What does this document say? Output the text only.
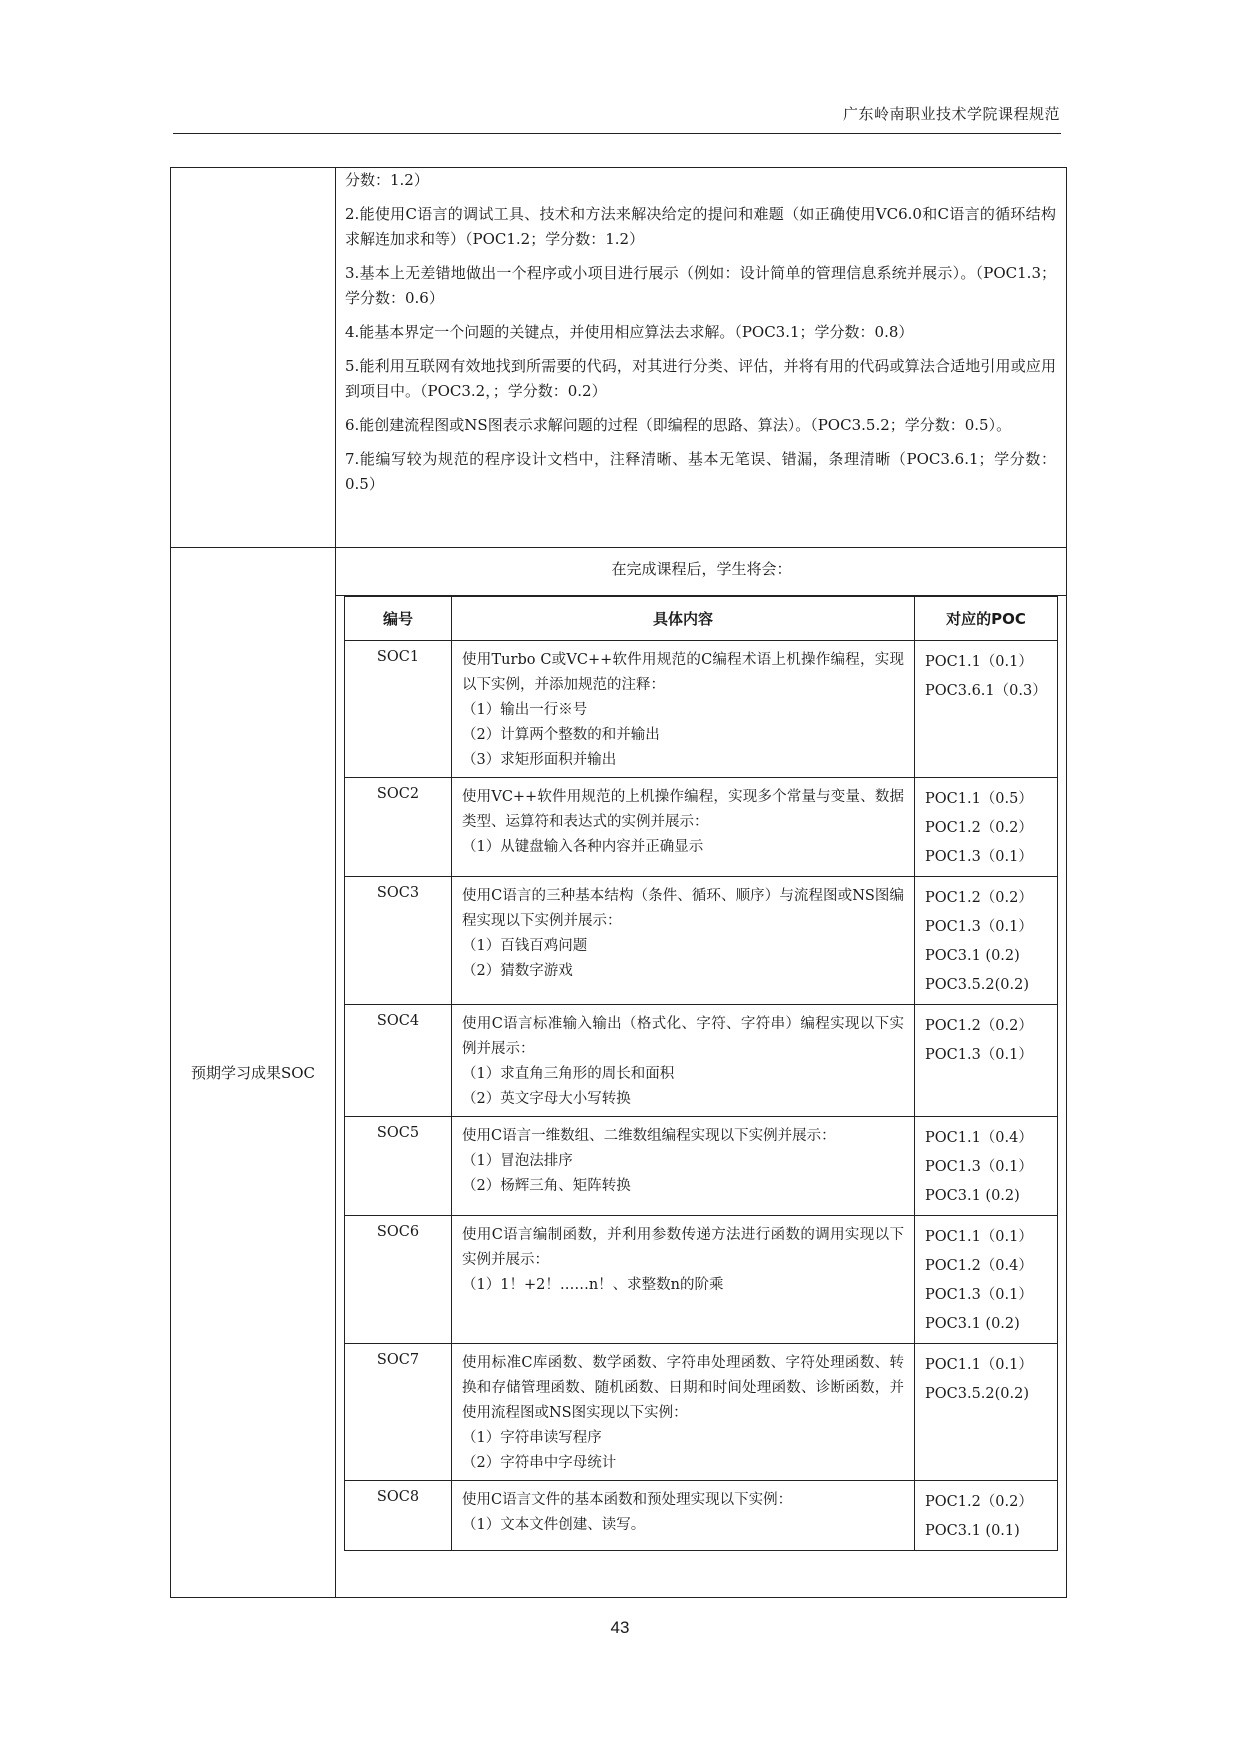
广东岭南职业技术学院课程规范

分数：1.2）

2.能使用C语言的调试工具、技术和方法来解决给定的提问和难题（如正确使用VC6.0和C语言的循环结构求解连加求和等）（POC1.2；学分数：1.2）

3.基本上无差错地做出一个程序或小项目进行展示（例如：设计简单的管理信息系统并展示）。（POC1.3；学分数：0.6）

4.能基本界定一个问题的关键点，并使用相应算法去求解。（POC3.1；学分数：0.8）

5.能利用互联网有效地找到所需要的代码，对其进行分类、评估，并将有用的代码或算法合适地引用或应用到项目中。（POC3.2，；学分数：0.2）

6.能创建流程图或NS图表示求解问题的过程（即编程的思路、算法）。（POC3.5.2；学分数：0.5）。

7.能编写较为规范的程序设计文档中，注释清晰、基本无笔误、错漏，条理清晰（POC3.6.1；学分数：0.5）

预期学习成果SOC
在完成课程后，学生将会：
编号	具体内容	对应的POC
SOC1	使用Turbo C或VC++软件用规范的C编程术语上机操作编程，实现以下实例，并添加规范的注释：
（1）输出一行※号
（2）计算两个整数的和并输出
（3）求矩形面积并输出	POC1.1（0.1）
POC3.6.1（0.3）

SOC2	使用VC++软件用规范的上机操作编程，实现多个常量与变量、数据类型、运算符和表达式的实例并展示：
（1）从键盘输入各种内容并正确显示	POC1.1（0.5）
POC1.2（0.2）
POC1.3（0.1）

SOC3	使用C语言的三种基本结构（条件、循环、顺序）与流程图或NS图编程实现以下实例并展示：
（1）百钱百鸡问题
（2）猜数字游戏	POC1.2（0.2）
POC1.3（0.1）
POC3.1 (0.2)
POC3.5.2(0.2)

SOC4	使用C语言标准输入输出（格式化、字符、字符串）编程实现以下实例并展示：
（1）求直角三角形的周长和面积
（2）英文字母大小写转换	POC1.2（0.2）
POC1.3（0.1）

SOC5	使用C语言一维数组、二维数组编程实现以下实例并展示：
（1）冒泡法排序
（2）杨辉三角、矩阵转换	POC1.1（0.4）
POC1.3（0.1）
POC3.1 (0.2)

SOC6	使用C语言编制函数，并利用参数传递方法进行函数的调用实现以下实例并展示：
（1）1！+2！……n！、求整数n的阶乘	POC1.1（0.1）
POC1.2（0.4）
POC1.3（0.1）
POC3.1 (0.2)

SOC7	使用标准C库函数、数学函数、字符串处理函数、字符处理函数、转换和存储管理函数、随机函数、日期和时间处理函数、诊断函数，并使用流程图或NS图实现以下实例：
（1）字符串读写程序
（2）字符串中字母统计	POC1.1（0.1）
POC3.5.2(0.2)

SOC8	使用C语言文件的基本函数和预处理实现以下实例：
（1）文本文件创建、读写。	POC1.2（0.2）
POC3.1 (0.1)
43
